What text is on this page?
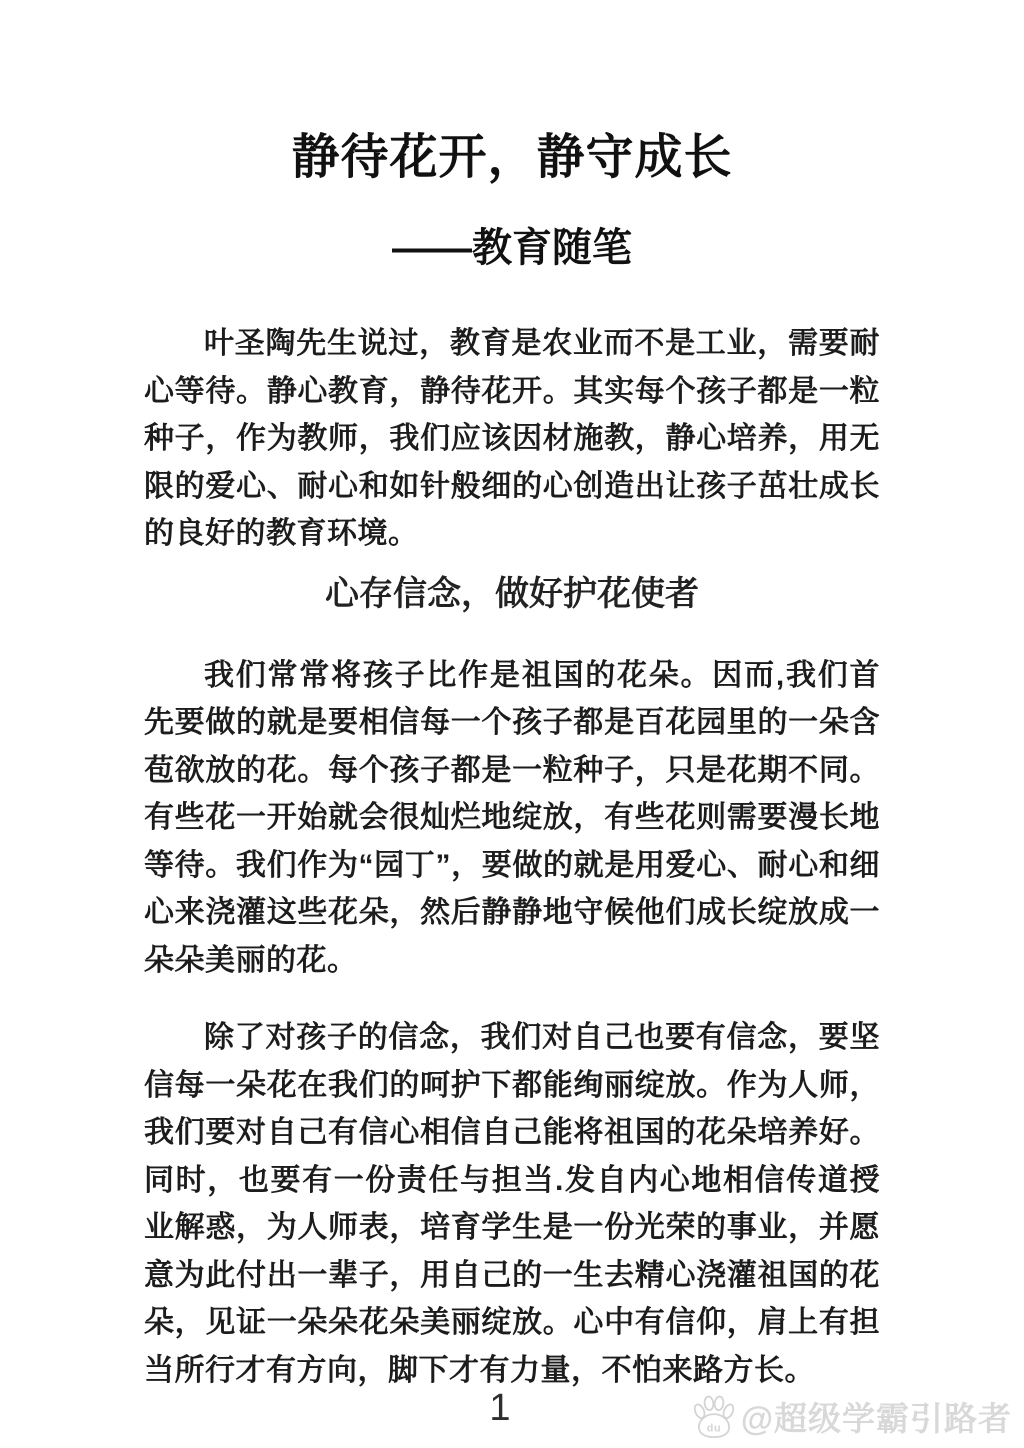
静待花开，静守成长
——教育随笔

叶圣陶先生说过，教育是农业而不是工业，需要耐心等待。静心教育，静待花开。其实每个孩子都是一粒种子，作为教师，我们应该因材施教，静心培养，用无限的爱心、耐心和如针般细的心创造出让孩子茁壮成长的良好的教育环境。

心存信念，做好护花使者

我们常常将孩子比作是祖国的花朵。因而,我们首先要做的就是要相信每一个孩子都是百花园里的一朵含苞欲放的花。每个孩子都是一粒种子，只是花期不同。有些花一开始就会很灿烂地绽放，有些花则需要漫长地等待。我们作为“园丁”，要做的就是用爱心、耐心和细心来浇灌这些花朵，然后静静地守候他们成长绽放成一朵朵美丽的花。

除了对孩子的信念，我们对自己也要有信念，要坚信每一朵花在我们的呵护下都能绚丽绽放。作为人师，我们要对自己有信心相信自己能将祖国的花朵培养好。同时，也要有一份责任与担当.发自内心地相信传道授业解惑，为人师表，培育学生是一份光荣的事业，并愿意为此付出一辈子，用自己的一生去精心浇灌祖国的花朵，见证一朵朵花朵美丽绽放。心中有信仰，肩上有担当所行才有方向，脚下才有力量，不怕来路方长。

1	du @超级学霸引路者
